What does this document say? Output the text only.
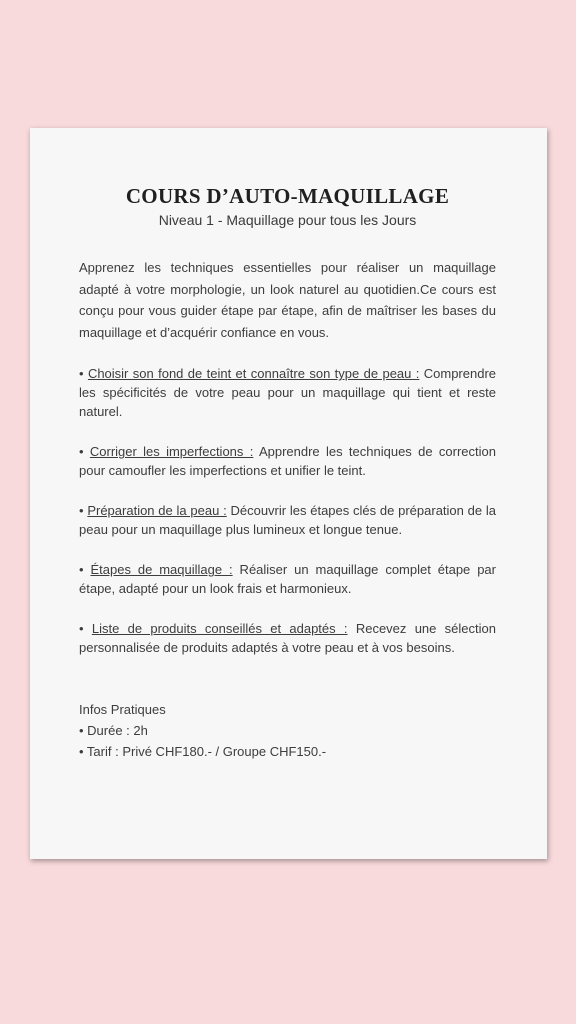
COURS D’AUTO-MAQUILLAGE

Niveau 1 - Maquillage pour tous les Jours

Apprenez les techniques essentielles pour réaliser un maquillage adapté à votre morphologie, un look naturel au quotidien.Ce cours est conçu pour vous guider étape par étape, afin de maîtriser les bases du maquillage et d’acquérir confiance en vous.

• Choisir son fond de teint et connaître son type de peau : Comprendre les spécificités de votre peau pour un maquillage qui tient et reste naturel.

• Corriger les imperfections : Apprendre les techniques de correction pour camoufler les imperfections et unifier le teint.

• Préparation de la peau : Découvrir les étapes clés de préparation de la peau pour un maquillage plus lumineux et longue tenue.

• Étapes de maquillage : Réaliser un maquillage complet étape par étape, adapté pour un look frais et harmonieux.

• Liste de produits conseillés et adaptés : Recevez une sélection personnalisée de produits adaptés à votre peau et à vos besoins.

Infos Pratiques
• Durée : 2h
• Tarif : Privé CHF180.- / Groupe CHF150.-
